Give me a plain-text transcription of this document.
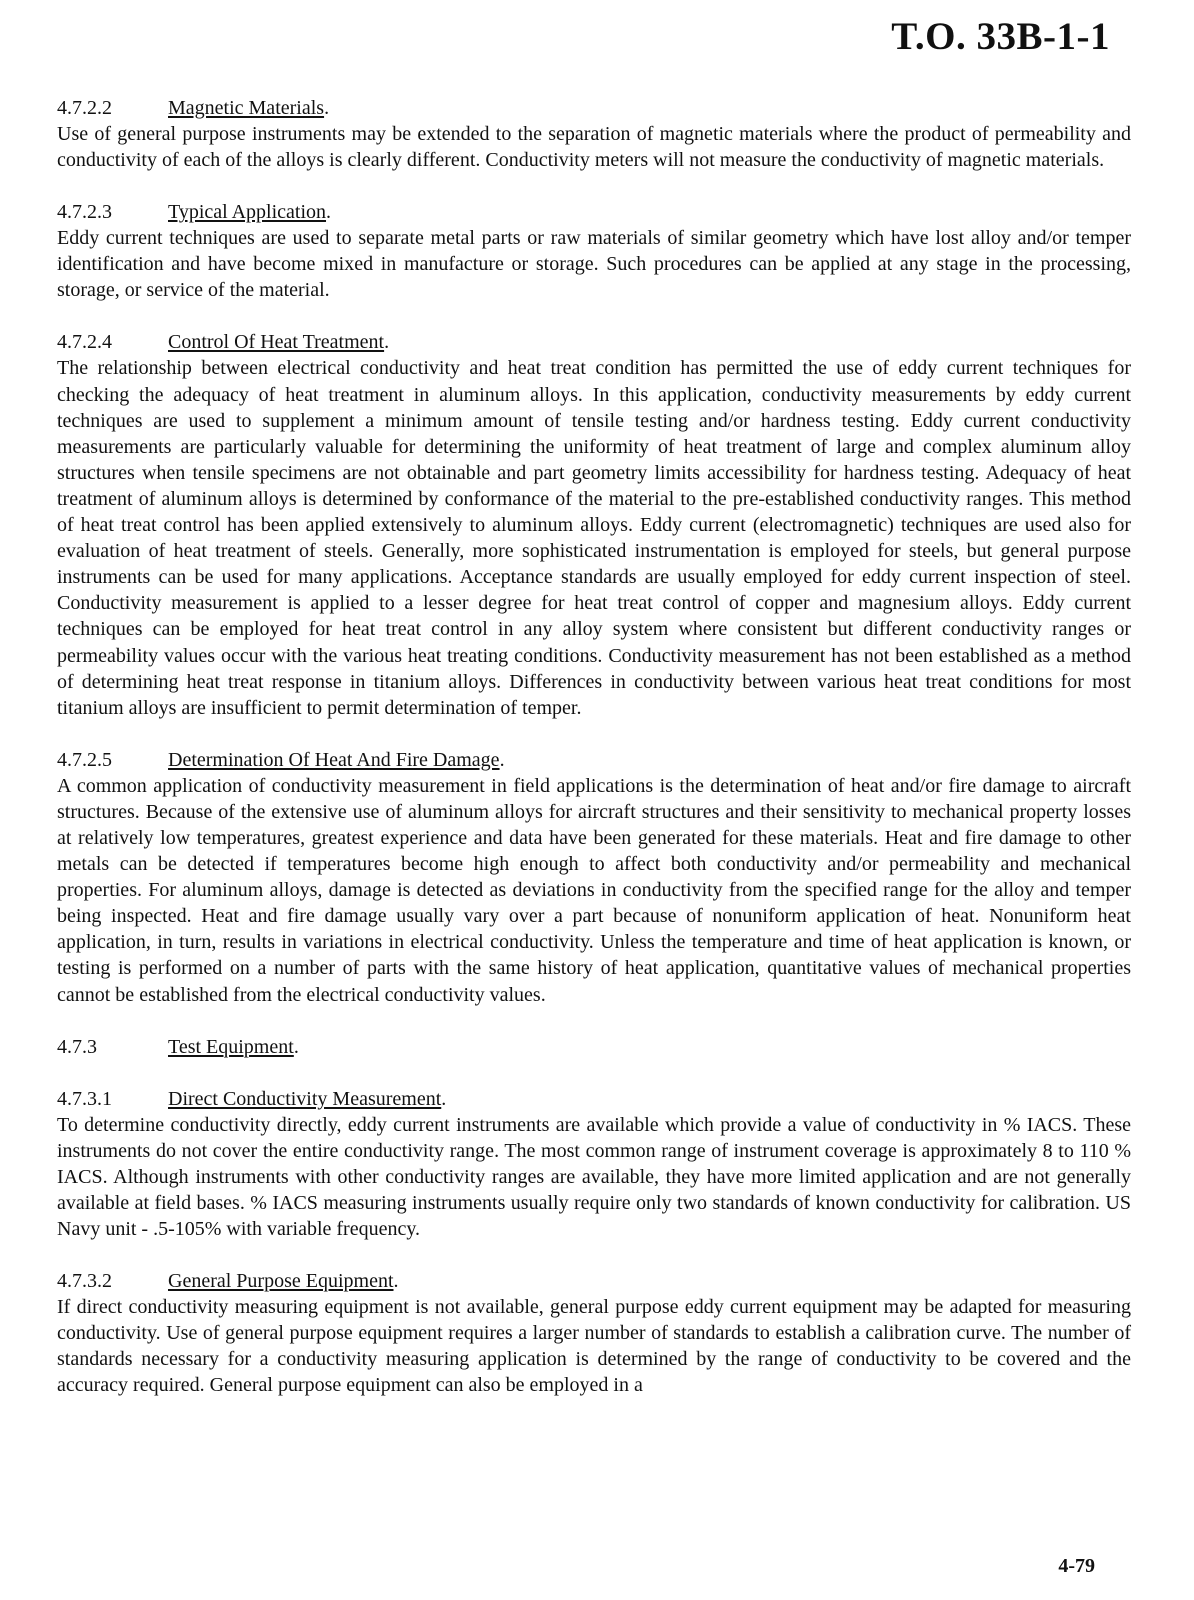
T.O. 33B-1-1
4.7.2.2	Magnetic Materials.

Use of general purpose instruments may be extended to the separation of magnetic materials where the product of permeability and conductivity of each of the alloys is clearly different. Conductivity meters will not measure the conductivity of magnetic materials.

4.7.2.3	Typical Application.

Eddy current techniques are used to separate metal parts or raw materials of similar geometry which have lost alloy and/or temper identification and have become mixed in manufacture or storage. Such procedures can be applied at any stage in the processing, storage, or service of the material.

4.7.2.4	Control Of Heat Treatment.

The relationship between electrical conductivity and heat treat condition has permitted the use of eddy current techniques for checking the adequacy of heat treatment in aluminum alloys. In this application, conductivity measurements by eddy current techniques are used to supplement a minimum amount of tensile testing and/or hardness testing. Eddy current conductivity measurements are particularly valuable for determining the uniformity of heat treatment of large and complex aluminum alloy structures when tensile specimens are not obtainable and part geometry limits accessibility for hardness testing. Adequacy of heat treatment of aluminum alloys is determined by conformance of the material to the pre-established conductivity ranges. This method of heat treat control has been applied extensively to aluminum alloys. Eddy current (electromagnetic) techniques are used also for evaluation of heat treatment of steels. Generally, more sophisticated instrumentation is employed for steels, but general purpose instruments can be used for many applications. Acceptance standards are usually employed for eddy current inspection of steel. Conductivity measurement is applied to a lesser degree for heat treat control of copper and magnesium alloys. Eddy current techniques can be employed for heat treat control in any alloy system where consistent but different conductivity ranges or permeability values occur with the various heat treating conditions. Conductivity measurement has not been established as a method of determining heat treat response in titanium alloys. Differences in conductivity between various heat treat conditions for most titanium alloys are insufficient to permit determination of temper.

4.7.2.5	Determination Of Heat And Fire Damage.

A common application of conductivity measurement in field applications is the determination of heat and/or fire damage to aircraft structures. Because of the extensive use of aluminum alloys for aircraft structures and their sensitivity to mechanical property losses at relatively low temperatures, greatest experience and data have been generated for these materials. Heat and fire damage to other metals can be detected if temperatures become high enough to affect both conductivity and/or permeability and mechanical properties. For aluminum alloys, damage is detected as deviations in conductivity from the specified range for the alloy and temper being inspected. Heat and fire damage usually vary over a part because of nonuniform application of heat. Nonuniform heat application, in turn, results in variations in electrical conductivity. Unless the temperature and time of heat application is known, or testing is performed on a number of parts with the same history of heat application, quantitative values of mechanical properties cannot be established from the electrical conductivity values.

4.7.3	Test Equipment.
4.7.3.1	Direct Conductivity Measurement.

To determine conductivity directly, eddy current instruments are available which provide a value of conductivity in % IACS. These instruments do not cover the entire conductivity range. The most common range of instrument coverage is approximately 8 to 110 % IACS. Although instruments with other conductivity ranges are available, they have more limited application and are not generally available at field bases. % IACS measuring instruments usually require only two standards of known conductivity for calibration. US Navy unit - .5-105% with variable frequency.

4.7.3.2	General Purpose Equipment.

If direct conductivity measuring equipment is not available, general purpose eddy current equipment may be adapted for measuring conductivity. Use of general purpose equipment requires a larger number of standards to establish a calibration curve. The number of standards necessary for a conductivity measuring application is determined by the range of conductivity to be covered and the accuracy required. General purpose equipment can also be employed in a

4-79
